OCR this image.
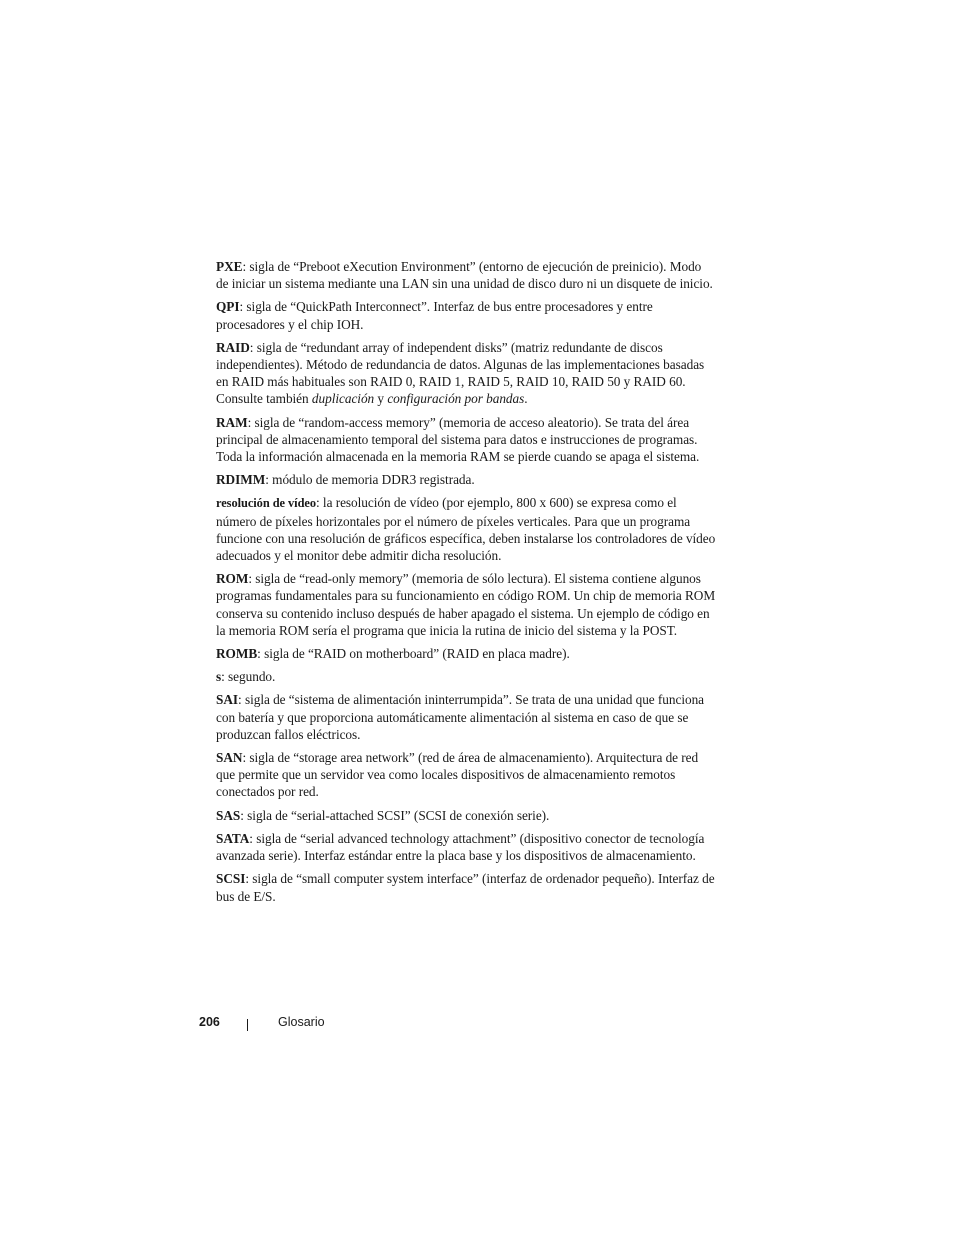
PXE: sigla de “Preboot eXecution Environment” (entorno de ejecución de preinicio). Modo de iniciar un sistema mediante una LAN sin una unidad de disco duro ni un disquete de inicio.

QPI: sigla de “QuickPath Interconnect”. Interfaz de bus entre procesadores y entre procesadores y el chip IOH.

RAID: sigla de “redundant array of independent disks” (matriz redundante de discos independientes). Método de redundancia de datos. Algunas de las implementaciones basadas en RAID más habituales son RAID 0, RAID 1, RAID 5, RAID 10, RAID 50 y RAID 60. Consulte también duplicación y configuración por bandas.

RAM: sigla de “random-access memory” (memoria de acceso aleatorio). Se trata del área principal de almacenamiento temporal del sistema para datos e instrucciones de programas. Toda la información almacenada en la memoria RAM se pierde cuando se apaga el sistema.

RDIMM: módulo de memoria DDR3 registrada.

resolución de vídeo: la resolución de vídeo (por ejemplo, 800 x 600) se expresa como el número de píxeles horizontales por el número de píxeles verticales. Para que un programa funcione con una resolución de gráficos específica, deben instalarse los controladores de vídeo adecuados y el monitor debe admitir dicha resolución.

ROM: sigla de “read-only memory” (memoria de sólo lectura). El sistema contiene algunos programas fundamentales para su funcionamiento en código ROM. Un chip de memoria ROM conserva su contenido incluso después de haber apagado el sistema. Un ejemplo de código en la memoria ROM sería el programa que inicia la rutina de inicio del sistema y la POST.

ROMB: sigla de “RAID on motherboard” (RAID en placa madre).

s: segundo.

SAI: sigla de “sistema de alimentación ininterrumpida”. Se trata de una unidad que funciona con batería y que proporciona automáticamente alimentación al sistema en caso de que se produzcan fallos eléctricos.

SAN: sigla de “storage area network” (red de área de almacenamiento). Arquitectura de red que permite que un servidor vea como locales dispositivos de almacenamiento remotos conectados por red.

SAS: sigla de “serial-attached SCSI” (SCSI de conexión serie).

SATA: sigla de “serial advanced technology attachment” (dispositivo conector de tecnología avanzada serie). Interfaz estándar entre la placa base y los dispositivos de almacenamiento.

SCSI: sigla de “small computer system interface” (interfaz de ordenador pequeño). Interfaz de bus de E/S.

206	Glosario
